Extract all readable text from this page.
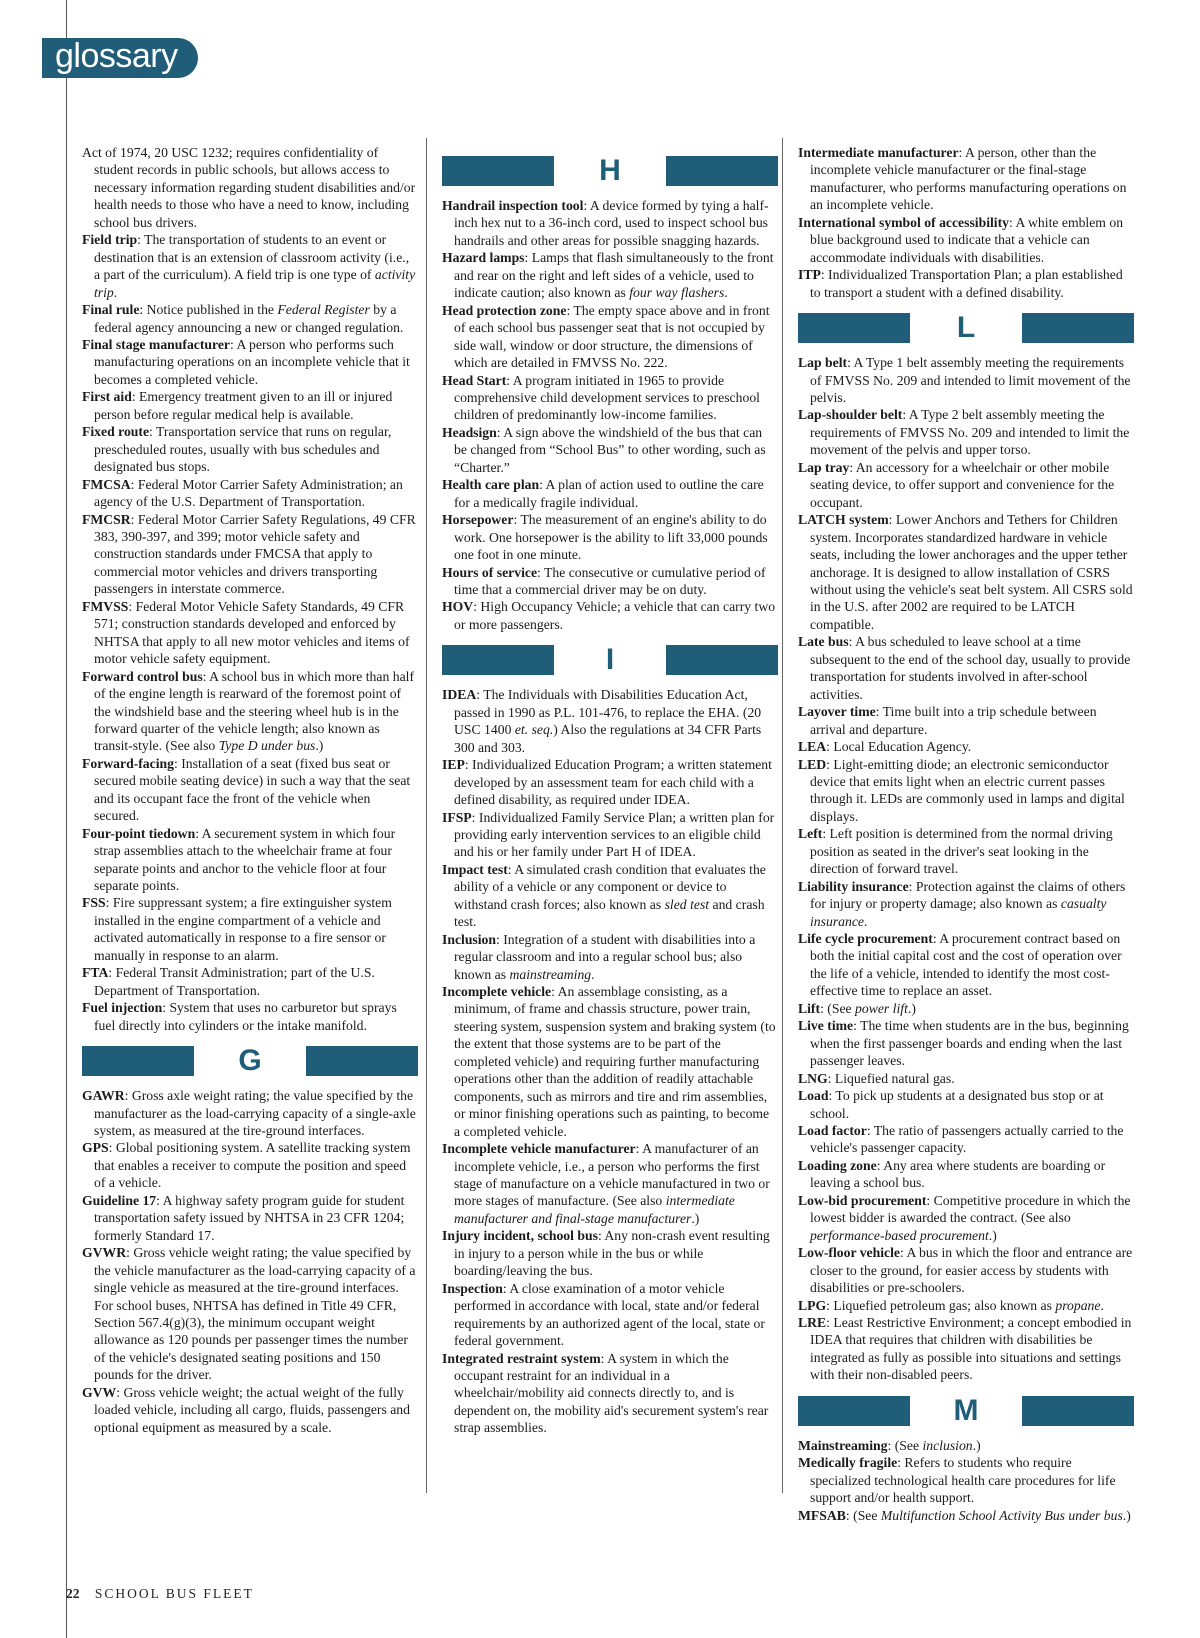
glossary

Act of 1974, 20 USC 1232; requires confidentiality of student records in public schools, but allows access to necessary information regarding student disabilities and/or health needs to those who have a need to know, including school bus drivers.

Field trip: The transportation of students to an event or destination that is an extension of classroom activity (i.e., a part of the curriculum). A field trip is one type of activity trip.

Final rule: Notice published in the Federal Register by a federal agency announcing a new or changed regulation.

Final stage manufacturer: A person who performs such manufacturing operations on an incomplete vehicle that it becomes a completed vehicle.

First aid: Emergency treatment given to an ill or injured person before regular medical help is available.

Fixed route: Transportation service that runs on regular, prescheduled routes, usually with bus schedules and designated bus stops.

FMCSA: Federal Motor Carrier Safety Administration; an agency of the U.S. Department of Transportation.

FMCSR: Federal Motor Carrier Safety Regulations, 49 CFR 383, 390-397, and 399; motor vehicle safety and construction standards under FMCSA that apply to commercial motor vehicles and drivers transporting passengers in interstate commerce.

FMVSS: Federal Motor Vehicle Safety Standards, 49 CFR 571; construction standards developed and enforced by NHTSA that apply to all new motor vehicles and items of motor vehicle safety equipment.

Forward control bus: A school bus in which more than half of the engine length is rearward of the foremost point of the windshield base and the steering wheel hub is in the forward quarter of the vehicle length; also known as transit-style. (See also Type D under bus.)

Forward-facing: Installation of a seat (fixed bus seat or secured mobile seating device) in such a way that the seat and its occupant face the front of the vehicle when secured.

Four-point tiedown: A securement system in which four strap assemblies attach to the wheelchair frame at four separate points and anchor to the vehicle floor at four separate points.

FSS: Fire suppressant system; a fire extinguisher system installed in the engine compartment of a vehicle and activated automatically in response to a fire sensor or manually in response to an alarm.

FTA: Federal Transit Administration; part of the U.S. Department of Transportation.

Fuel injection: System that uses no carburetor but sprays fuel directly into cylinders or the intake manifold.

G

GAWR: Gross axle weight rating; the value specified by the manufacturer as the load-carrying capacity of a single-axle system, as measured at the tire-ground interfaces.

GPS: Global positioning system. A satellite tracking system that enables a receiver to compute the position and speed of a vehicle.

Guideline 17: A highway safety program guide for student transportation safety issued by NHTSA in 23 CFR 1204; formerly Standard 17.

GVWR: Gross vehicle weight rating; the value specified by the vehicle manufacturer as the load-carrying capacity of a single vehicle as measured at the tire-ground interfaces. For school buses, NHTSA has defined in Title 49 CFR, Section 567.4(g)(3), the minimum occupant weight allowance as 120 pounds per passenger times the number of the vehicle's designated seating positions and 150 pounds for the driver.

GVW: Gross vehicle weight; the actual weight of the fully loaded vehicle, including all cargo, fluids, passengers and optional equipment as measured by a scale.

H

Handrail inspection tool: A device formed by tying a half-inch hex nut to a 36-inch cord, used to inspect school bus handrails and other areas for possible snagging hazards.

Hazard lamps: Lamps that flash simultaneously to the front and rear on the right and left sides of a vehicle, used to indicate caution; also known as four way flashers.

Head protection zone: The empty space above and in front of each school bus passenger seat that is not occupied by side wall, window or door structure, the dimensions of which are detailed in FMVSS No. 222.

Head Start: A program initiated in 1965 to provide comprehensive child development services to preschool children of predominantly low-income families.

Headsign: A sign above the windshield of the bus that can be changed from “School Bus” to other wording, such as “Charter.”

Health care plan: A plan of action used to outline the care for a medically fragile individual.

Horsepower: The measurement of an engine's ability to do work. One horsepower is the ability to lift 33,000 pounds one foot in one minute.

Hours of service: The consecutive or cumulative period of time that a commercial driver may be on duty.

HOV: High Occupancy Vehicle; a vehicle that can carry two or more passengers.

I

IDEA: The Individuals with Disabilities Education Act, passed in 1990 as P.L. 101-476, to replace the EHA. (20 USC 1400 et. seq.) Also the regulations at 34 CFR Parts 300 and 303.

IEP: Individualized Education Program; a written statement developed by an assessment team for each child with a defined disability, as required under IDEA.

IFSP: Individualized Family Service Plan; a written plan for providing early intervention services to an eligible child and his or her family under Part H of IDEA.

Impact test: A simulated crash condition that evaluates the ability of a vehicle or any component or device to withstand crash forces; also known as sled test and crash test.

Inclusion: Integration of a student with disabilities into a regular classroom and into a regular school bus; also known as mainstreaming.

Incomplete vehicle: An assemblage consisting, as a minimum, of frame and chassis structure, power train, steering system, suspension system and braking system (to the extent that those systems are to be part of the completed vehicle) and requiring further manufacturing operations other than the addition of readily attachable components, such as mirrors and tire and rim assemblies, or minor finishing operations such as painting, to become a completed vehicle.

Incomplete vehicle manufacturer: A manufacturer of an incomplete vehicle, i.e., a person who performs the first stage of manufacture on a vehicle manufactured in two or more stages of manufacture. (See also intermediate manufacturer and final-stage manufacturer.)

Injury incident, school bus: Any non-crash event resulting in injury to a person while in the bus or while boarding/leaving the bus.

Inspection: A close examination of a motor vehicle performed in accordance with local, state and/or federal requirements by an authorized agent of the local, state or federal government.

Integrated restraint system: A system in which the occupant restraint for an individual in a wheelchair/mobility aid connects directly to, and is dependent on, the mobility aid's securement system's rear strap assemblies.

Intermediate manufacturer: A person, other than the incomplete vehicle manufacturer or the final-stage manufacturer, who performs manufacturing operations on an incomplete vehicle.

International symbol of accessibility: A white emblem on blue background used to indicate that a vehicle can accommodate individuals with disabilities.

ITP: Individualized Transportation Plan; a plan established to transport a student with a defined disability.

L

Lap belt: A Type 1 belt assembly meeting the requirements of FMVSS No. 209 and intended to limit movement of the pelvis.

Lap-shoulder belt: A Type 2 belt assembly meeting the requirements of FMVSS No. 209 and intended to limit the movement of the pelvis and upper torso.

Lap tray: An accessory for a wheelchair or other mobile seating device, to offer support and convenience for the occupant.

LATCH system: Lower Anchors and Tethers for Children system. Incorporates standardized hardware in vehicle seats, including the lower anchorages and the upper tether anchorage. It is designed to allow installation of CSRS without using the vehicle's seat belt system. All CSRS sold in the U.S. after 2002 are required to be LATCH compatible.

Late bus: A bus scheduled to leave school at a time subsequent to the end of the school day, usually to provide transportation for students involved in after-school activities.

Layover time: Time built into a trip schedule between arrival and departure.

LEA: Local Education Agency.

LED: Light-emitting diode; an electronic semiconductor device that emits light when an electric current passes through it. LEDs are commonly used in lamps and digital displays.

Left: Left position is determined from the normal driving position as seated in the driver's seat looking in the direction of forward travel.

Liability insurance: Protection against the claims of others for injury or property damage; also known as casualty insurance.

Life cycle procurement: A procurement contract based on both the initial capital cost and the cost of operation over the life of a vehicle, intended to identify the most cost-effective time to replace an asset.

Lift: (See power lift.)

Live time: The time when students are in the bus, beginning when the first passenger boards and ending when the last passenger leaves.

LNG: Liquefied natural gas.

Load: To pick up students at a designated bus stop or at school.

Load factor: The ratio of passengers actually carried to the vehicle's passenger capacity.

Loading zone: Any area where students are boarding or leaving a school bus.

Low-bid procurement: Competitive procedure in which the lowest bidder is awarded the contract. (See also performance-based procurement.)

Low-floor vehicle: A bus in which the floor and entrance are closer to the ground, for easier access by students with disabilities or pre-schoolers.

LPG: Liquefied petroleum gas; also known as propane.

LRE: Least Restrictive Environment; a concept embodied in IDEA that requires that children with disabilities be integrated as fully as possible into situations and settings with their non-disabled peers.

M

Mainstreaming: (See inclusion.)

Medically fragile: Refers to students who require specialized technological health care procedures for life support and/or health support.

MFSAB: (See Multifunction School Activity Bus under bus.)

22 SCHOOL BUS FLEET
